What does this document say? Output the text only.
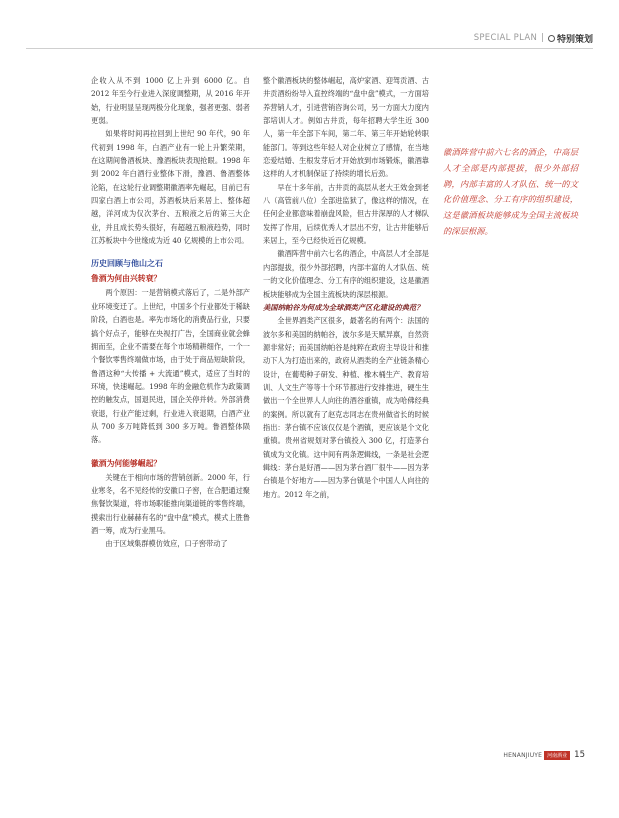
SPECIAL PLAN | 特别策划

企收入从不到 1000 亿上升到 6000 亿。自 2012 年至今行业进入深度调整期，从 2016 年开始，行业明显呈现两极分化现象，强者更强、弱者更弱。

如果将时间再拉回到上世纪 90 年代，90 年代初到 1998 年，白酒产业有一轮上升繁荣期，在这期间鲁酒板块、豫酒板块表现抢眼。1998 年到 2002 年白酒行业整体下滑，豫酒、鲁酒整体沦陷，在这轮行业调整期徽酒率先崛起，目前已有四家白酒上市公司，苏酒板块后来居上、整体超越，洋河成为仅次茅台、五粮液之后的第三大企业，并且成长势头很好，有超越五粮液趋势，同时江苏板块中今世缘成为近 40 亿规模的上市公司。

历史回顾与他山之石

鲁酒为何由兴转衰？

两个原因：一是营销模式落后了，二是外部产业环境变迁了。上世纪，中国多个行业都处于稀缺阶段，白酒也是。率先市场化的消费品行业，只要搞个好点子，能够在央视打广告，全国商业就会蜂拥而至，企业不需要在每个市场精耕细作，一个一个餐饮零售终端做市场，由于处于商品短缺阶段，鲁酒这种“大传播 + 大流通”模式，适应了当时的环境，快速崛起。1998 年的金融危机作为政策调控的触发点，国退民进，国企关停并转。外部消费衰退，行业产能过剩，行业进入衰退期，白酒产业从 700 多万吨降低到 300 多万吨。鲁酒整体陨落。

徽酒为何能够崛起？

关键在于相向市场的营销创新。2000 年，行业寒冬，名不见经传的安徽口子窖，在合肥通过聚焦餐饮渠道，将市场职能推向渠道链的零售终端，摸索出行业赫赫有名的“盘中盘”模式，模式上胜鲁酒一筹，成为行业黑马。

由于区域集群模仿效应，口子窖带动了

整个徽酒板块的整体崛起，高炉家酒、迎驾贡酒、古井贡酒纷纷导入直控终端的“盘中盘”模式，一方面培养营销人才，引进营销咨询公司，另一方面大力度内部培训人才。例如古井贡，每年招聘大学生近 300 人，第一年全部下车间，第二年、第三年开始轮转职能部门。等到这些年轻人对企业树立了感情，在当地恋爱结婚、生根发芽后才开始放到市场锻炼，徽酒靠这样的人才机制保证了持续的增长后劲。

早在十多年前，古井贡的高层从老大王效金到老八（高管前八位）全部进监狱了，像这样的情况，在任何企业都意味着崩盘风险，但古井深厚的人才梯队发挥了作用，后续优秀人才层出不穷，让古井能够后来居上，至今已经快近百亿规模。

徽酒阵营中前六七名的酒企，中高层人才全部是内部提拔，很少外部招聘，内部丰富的人才队伍、统一的文化价值理念、分工有序的组织建设，这是徽酒板块能够成为全国主流板块的深层根源。

美国纳帕谷为何成为全球酒类产区化建设的典范？

全世界酒类产区很多，最著名的有两个：法国的波尔多和美国的纳帕谷，波尔多是天赋异禀，自然资源非常好；而美国纳帕谷是纯粹在政府主导设计和推动下人为打造出来的，政府从酒类的全产业链条精心设计，在葡萄种子研发、种植、橡木桶生产、教育培训、人文生产等等十个环节都进行安排推进，硬生生做出一个全世界人人向往的酒谷重镇，成为哈佛经典的案例。所以就有了赵克志同志在贵州做省长的时候指出：茅台镇不应该仅仅是个酒镇，更应该是个文化重镇。贵州省规划对茅台镇投入 300 亿，打造茅台镇成为文化镇。这中间有两条逻辑线，一条是社会逻辑线：茅台是好酒——因为茅台酒厂很牛——因为茅台镇是个好地方——因为茅台镇是个中国人人向往的地方。2012 年之前，

徽酒阵营中前六七名的酒企，中高层人才全部是内部提拔，很少外部招聘，内部丰富的人才队伍、统一的文化价值理念、分工有序的组织建设，这是徽酒板块能够成为全国主流板块的深层根源。
HENANJIUYE	河南酒业 15
